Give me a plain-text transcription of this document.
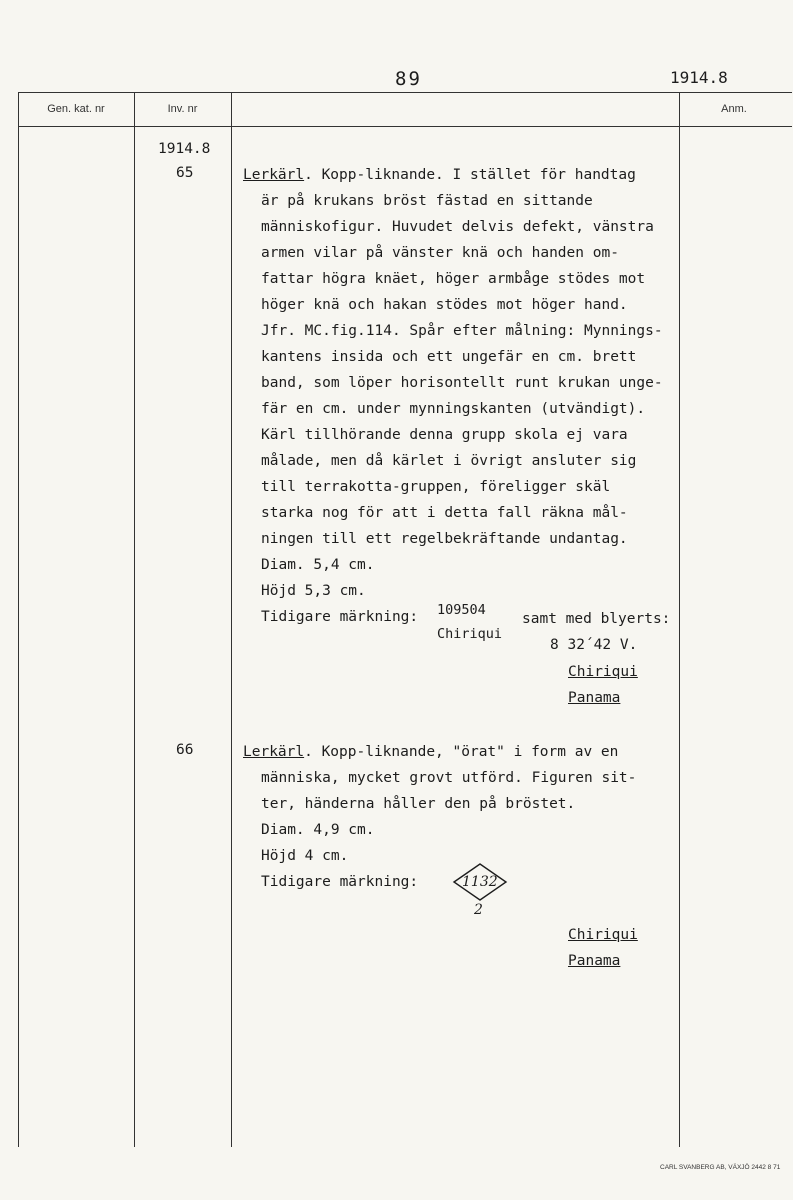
89	1914.8
Gen. kat. nr	Inv. nr	Anm.
1914.8
65	Lerkärl. Kopp-liknande. I stället för handtag
är på krukans bröst fästad en sittande
människofigur. Huvudet delvis defekt, vänstra
armen vilar på vänster knä och handen om-
fattar högra knäet, höger armbåge stödes mot
höger knä och hakan stödes mot höger hand.
Jfr. MC.fig.114. Spår efter målning: Mynnings-
kantens insida och ett ungefär en cm. brett
band, som löper horisontellt runt krukan unge-
fär en cm. under mynningskanten (utvändigt).
Kärl tillhörande denna grupp skola ej vara
målade, men då kärlet i övrigt ansluter sig
till terrakotta-gruppen, föreligger skäl
starka nog för att i detta fall räkna mål-
ningen till ett regelbekräftande undantag.
Diam. 5,4 cm.
Höjd 5,3 cm.
Tidigare märkning: 109504
Chiriqui
samt med blyerts:
8 32´42 V.
Chiriqui
Panama
66	Lerkärl. Kopp-liknande, "örat" i form av en
människa, mycket grovt utförd. Figuren sit-
ter, händerna håller den på bröstet.
Diam. 4,9 cm.
Höjd 4 cm.
Tidigare märkning:	1132
2
Chiriqui
Panama
CARL SVANBERG AB, VÄXJÖ 2442 8 71
